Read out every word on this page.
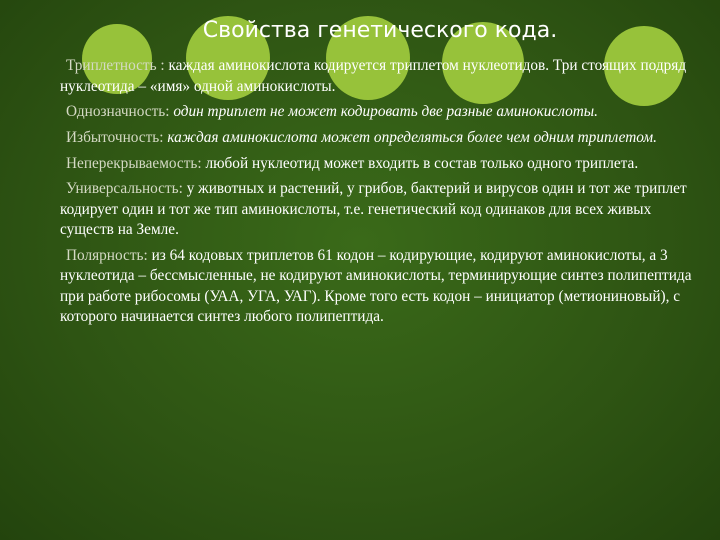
Свойства генетического кода.

Триплетность : каждая аминокислота кодируется триплетом нуклеотидов. Три стоящих подряд нуклеотида – «имя» одной аминокислоты.

Однозначность: один триплет не может кодировать две разные аминокислоты.

Избыточность: каждая аминокислота может определяться более чем одним триплетом.

Неперекрываемость: любой нуклеотид может входить в состав только одного триплета.

Универсальность: у животных и растений, у грибов, бактерий и вирусов один и тот же триплет кодирует один и тот же тип аминокислоты, т.е. генетический код одинаков для всех живых существ на Земле.

Полярность: из 64 кодовых триплетов 61 кодон – кодирующие, кодируют аминокислоты, а 3 нуклеотида – бессмысленные, не кодируют аминокислоты, терминирующие синтез полипептида при работе рибосомы (УАА, УГА, УАГ). Кроме того есть кодон – инициатор (метиониновый), с которого начинается синтез любого полипептида.
